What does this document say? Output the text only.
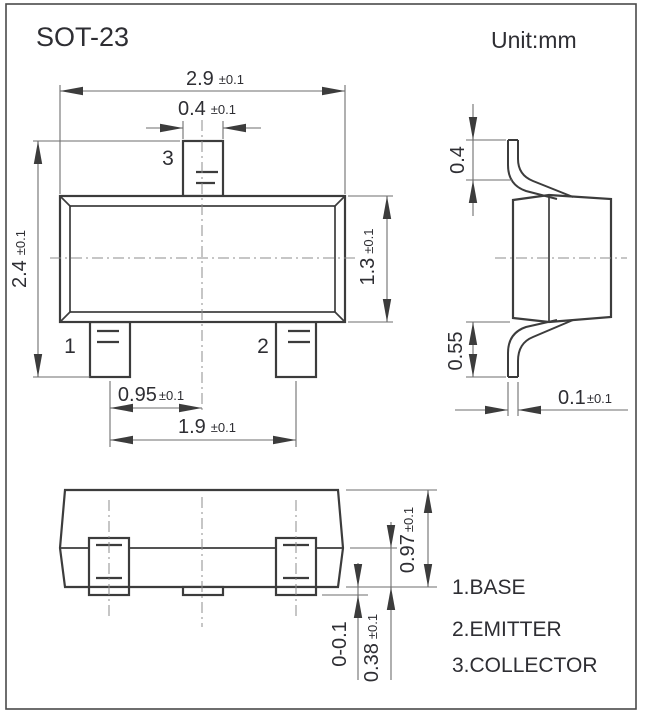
2.9 ±0.1
0.4 ±0.1
2.4±0.1
1.3±0.1
0.95 ±0.1
1.9 ±0.1
3
1	2
0.4
0.55
0.1±0.1
0.97±0.1
0.38±0.1
0-0.1
SOT-23	Unit:mm
1.BASE
2.EMITTER
3.COLLECTOR
